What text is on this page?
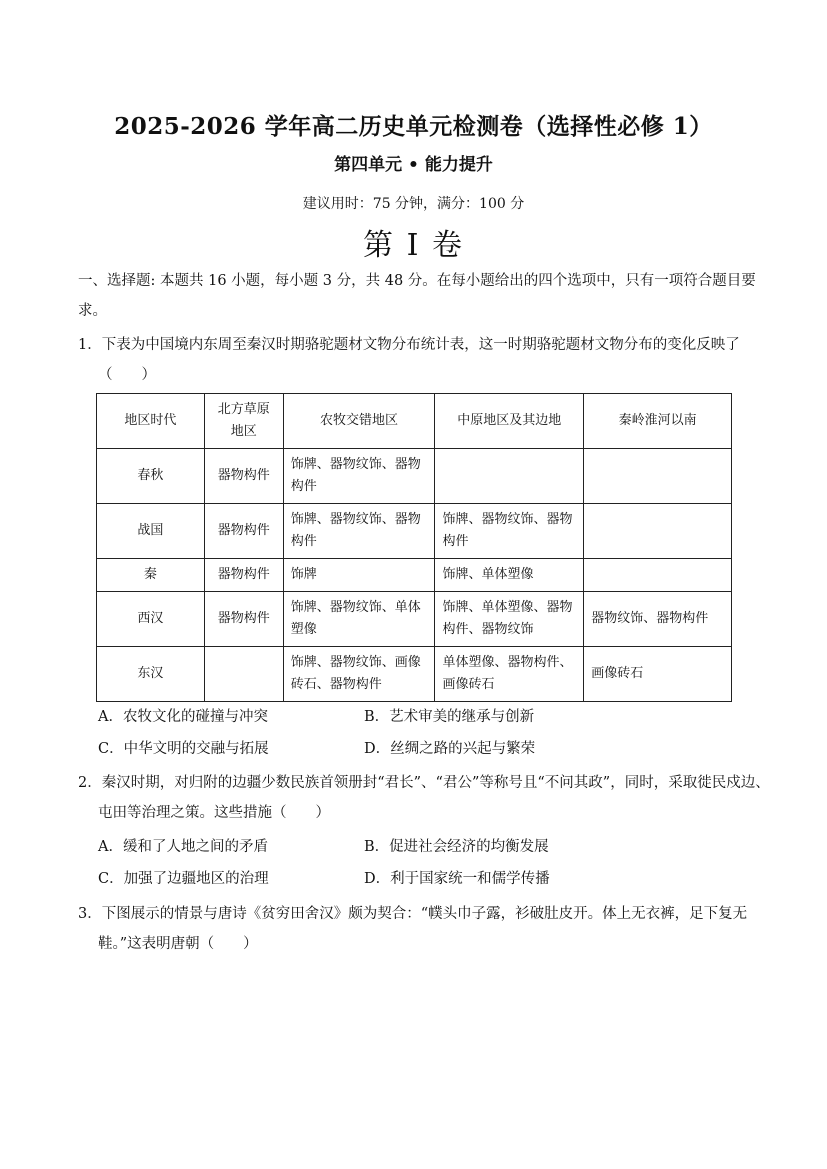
2025-2026 学年高二历史单元检测卷（选择性必修 1）
第四单元 • 能力提升
建议用时：75 分钟，满分：100 分
第 I 卷
一、选择题: 本题共 16 小题，每小题 3 分，共 48 分。在每小题给出的四个选项中，只有一项符合题目要求。
1．下表为中国境内东周至秦汉时期骆驼题材文物分布统计表，这一时期骆驼题材文物分布的变化反映了（　　）
地区时代	北方草原地区	农牧交错地区	中原地区及其边地	秦岭淮河以南
春秋	器物构件	饰牌、器物纹饰、器物构件		
战国	器物构件	饰牌、器物纹饰、器物构件	饰牌、器物纹饰、器物构件	
秦	器物构件	饰牌	饰牌、单体塑像	
西汉	器物构件	饰牌、器物纹饰、单体塑像	饰牌、单体塑像、器物构件、器物纹饰	器物纹饰、器物构件
东汉		饰牌、器物纹饰、画像砖石、器物构件	单体塑像、器物构件、画像砖石	画像砖石
A．农牧文化的碰撞与冲突	B．艺术审美的继承与创新
C．中华文明的交融与拓展	D．丝绸之路的兴起与繁荣
2．秦汉时期，对归附的边疆少数民族首领册封“君长”、“君公”等称号且“不问其政”，同时，采取徙民戍边、屯田等治理之策。这些措施（　　）
A．缓和了人地之间的矛盾	B．促进社会经济的均衡发展
C．加强了边疆地区的治理	D．利于国家统一和儒学传播
3．下图展示的情景与唐诗《贫穷田舍汉》颇为契合：“幞头巾子露，衫破肚皮开。体上无衣裤，足下复无鞋。”这表明唐朝（　　）
